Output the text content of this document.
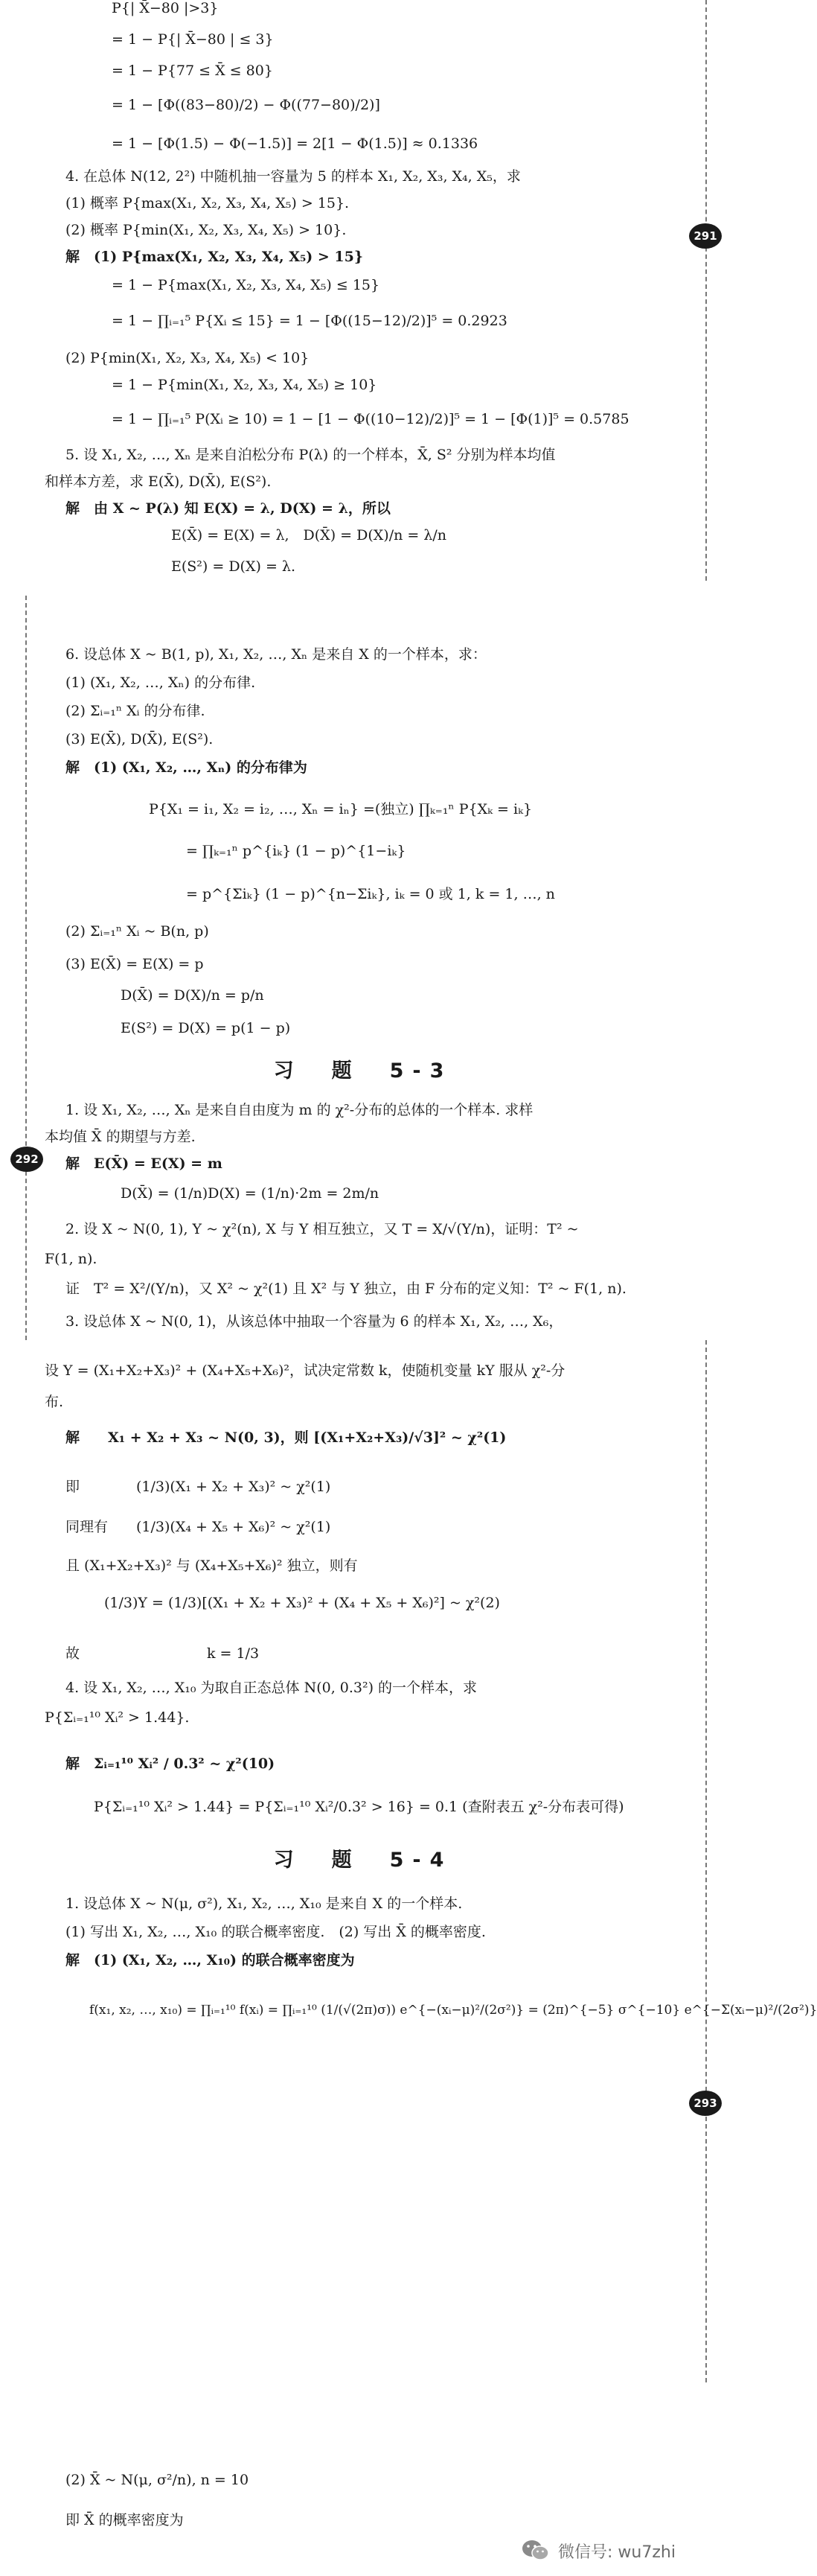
291
P{| X̄−80 |>3}
= 1 − P{| X̄−80 | ≤ 3}
= 1 − P{77 ≤ X̄ ≤ 80}
= 1 − [Φ((83−80)/2) − Φ((77−80)/2)]
= 1 − [Φ(1.5) − Φ(−1.5)] = 2[1 − Φ(1.5)] ≈ 0.1336
4. 在总体 N(12, 2²) 中随机抽一容量为 5 的样本 X₁, X₂, X₃, X₄, X₅，求
(1) 概率 P{max(X₁, X₂, X₃, X₄, X₅) > 15}.
(2) 概率 P{min(X₁, X₂, X₃, X₄, X₅) > 10}.
解　(1) P{max(X₁, X₂, X₃, X₄, X₅) > 15}
= 1 − P{max(X₁, X₂, X₃, X₄, X₅) ≤ 15}
= 1 − ∏ᵢ₌₁⁵ P{Xᵢ ≤ 15} = 1 − [Φ((15−12)/2)]⁵ = 0.2923
(2) P{min(X₁, X₂, X₃, X₄, X₅) < 10}
= 1 − P{min(X₁, X₂, X₃, X₄, X₅) ≥ 10}
= 1 − ∏ᵢ₌₁⁵ P(Xᵢ ≥ 10) = 1 − [1 − Φ((10−12)/2)]⁵ = 1 − [Φ(1)]⁵ = 0.5785
5. 设 X₁, X₂, …, Xₙ 是来自泊松分布 P(λ) 的一个样本，X̄, S² 分别为样本均值
和样本方差，求 E(X̄), D(X̄), E(S²).
解　由 X ~ P(λ) 知 E(X) = λ, D(X) = λ，所以
E(X̄) = E(X) = λ,　D(X̄) = D(X)/n = λ/n
E(S²) = D(X) = λ.
292
6. 设总体 X ~ B(1, p), X₁, X₂, …, Xₙ 是来自 X 的一个样本，求：
(1) (X₁, X₂, …, Xₙ) 的分布律.
(2) Σᵢ₌₁ⁿ Xᵢ 的分布律.
(3) E(X̄), D(X̄), E(S²).
解　(1) (X₁, X₂, …, Xₙ) 的分布律为
P{X₁ = i₁, X₂ = i₂, …, Xₙ = iₙ} =(独立) ∏ₖ₌₁ⁿ P{Xₖ = iₖ}
= ∏ₖ₌₁ⁿ p^{iₖ} (1 − p)^{1−iₖ}
= p^{Σiₖ} (1 − p)^{n−Σiₖ}, iₖ = 0 或 1, k = 1, …, n
(2) Σᵢ₌₁ⁿ Xᵢ ~ B(n, p)
(3) E(X̄) = E(X) = p
D(X̄) = D(X)/n = p/n
E(S²) = D(X) = p(1 − p)
习　题　5-3
1. 设 X₁, X₂, …, Xₙ 是来自自由度为 m 的 χ²-分布的总体的一个样本. 求样
本均值 X̄ 的期望与方差.
解　E(X̄) = E(X) = m
D(X̄) = (1/n)D(X) = (1/n)·2m = 2m/n
2. 设 X ~ N(0, 1), Y ~ χ²(n), X 与 Y 相互独立，又 T = X/√(Y/n)，证明：T² ~
F(1, n).
证　T² = X²/(Y/n)，又 X² ~ χ²(1) 且 X² 与 Y 独立，由 F 分布的定义知：T² ~ F(1, n).
3. 设总体 X ~ N(0, 1)，从该总体中抽取一个容量为 6 的样本 X₁, X₂, …, X₆，
293
设 Y = (X₁+X₂+X₃)² + (X₄+X₅+X₆)²，试决定常数 k，使随机变量 kY 服从 χ²-分
布.
解　　X₁ + X₂ + X₃ ~ N(0, 3)，则 [(X₁+X₂+X₃)/√3]² ~ χ²(1)
即　　　　(1/3)(X₁ + X₂ + X₃)² ~ χ²(1)
同理有　　(1/3)(X₄ + X₅ + X₆)² ~ χ²(1)
且 (X₁+X₂+X₃)² 与 (X₄+X₅+X₆)² 独立，则有
(1/3)Y = (1/3)[(X₁ + X₂ + X₃)² + (X₄ + X₅ + X₆)²] ~ χ²(2)
故　　　　　　　　　k = 1/3
4. 设 X₁, X₂, …, X₁₀ 为取自正态总体 N(0, 0.3²) 的一个样本，求
P{Σᵢ₌₁¹⁰ Xᵢ² > 1.44}.
解　Σᵢ₌₁¹⁰ Xᵢ² / 0.3² ~ χ²(10)
P{Σᵢ₌₁¹⁰ Xᵢ² > 1.44} = P{Σᵢ₌₁¹⁰ Xᵢ²/0.3² > 16} = 0.1 (查附表五 χ²-分布表可得)
习　题　5-4
1. 设总体 X ~ N(μ, σ²), X₁, X₂, …, X₁₀ 是来自 X 的一个样本.
(1) 写出 X₁, X₂, …, X₁₀ 的联合概率密度.　(2) 写出 X̄ 的概率密度.
解　(1) (X₁, X₂, …, X₁₀) 的联合概率密度为
f(x₁, x₂, …, x₁₀) = ∏ᵢ₌₁¹⁰ f(xᵢ) = ∏ᵢ₌₁¹⁰ (1/(√(2π)σ)) e^{−(xᵢ−μ)²/(2σ²)} = (2π)^{−5} σ^{−10} e^{−Σ(xᵢ−μ)²/(2σ²)}
(2) X̄ ~ N(μ, σ²/n), n = 10
即 X̄ 的概率密度为
微信号: wu7zhi
